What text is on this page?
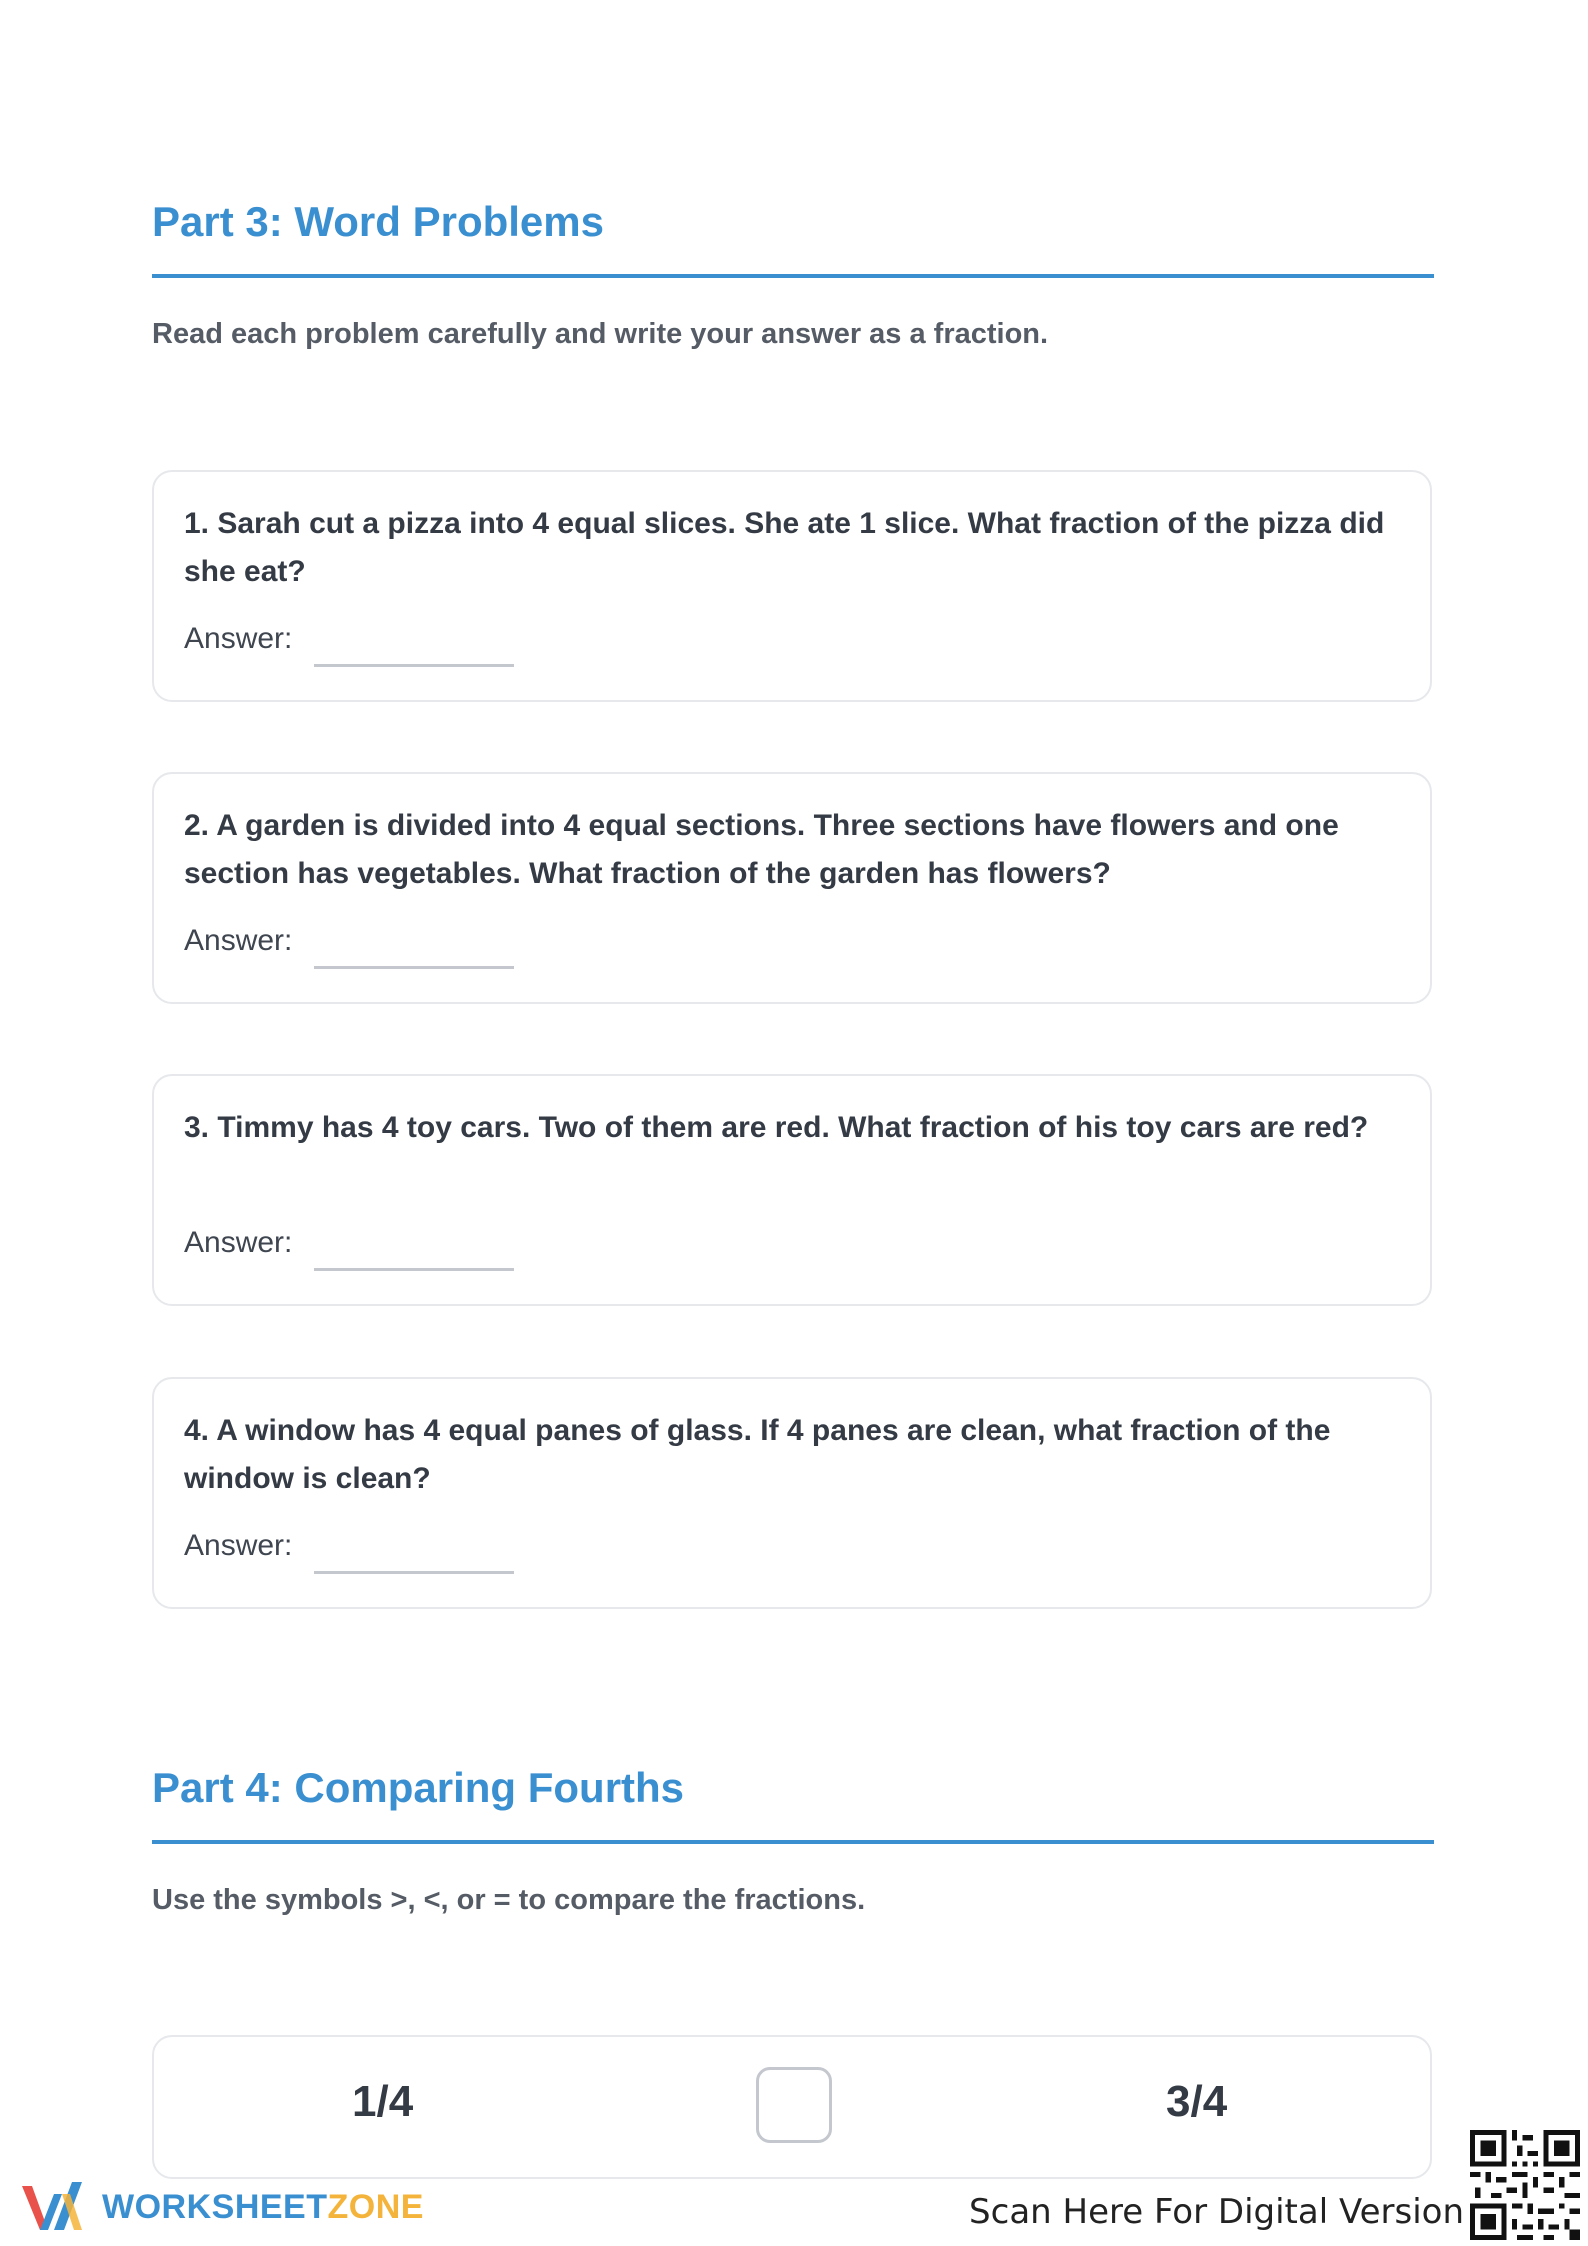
Part 3: Word Problems
Read each problem carefully and write your answer as a fraction.

1. Sarah cut a pizza into 4 equal slices. She ate 1 slice. What fraction of the pizza did she eat?

Answer:

2. A garden is divided into 4 equal sections. Three sections have flowers and one section has vegetables. What fraction of the garden has flowers?

Answer:

3. Timmy has 4 toy cars. Two of them are red. What fraction of his toy cars are red?

Answer:

4. A window has 4 equal panes of glass. If 4 panes are clean, what fraction of the window is clean?

Answer:
Part 4: Comparing Fourths
Use the symbols >, <, or = to compare the fractions.
1/4	3/4
WORKSHEETZONE	Scan Here For Digital Version
